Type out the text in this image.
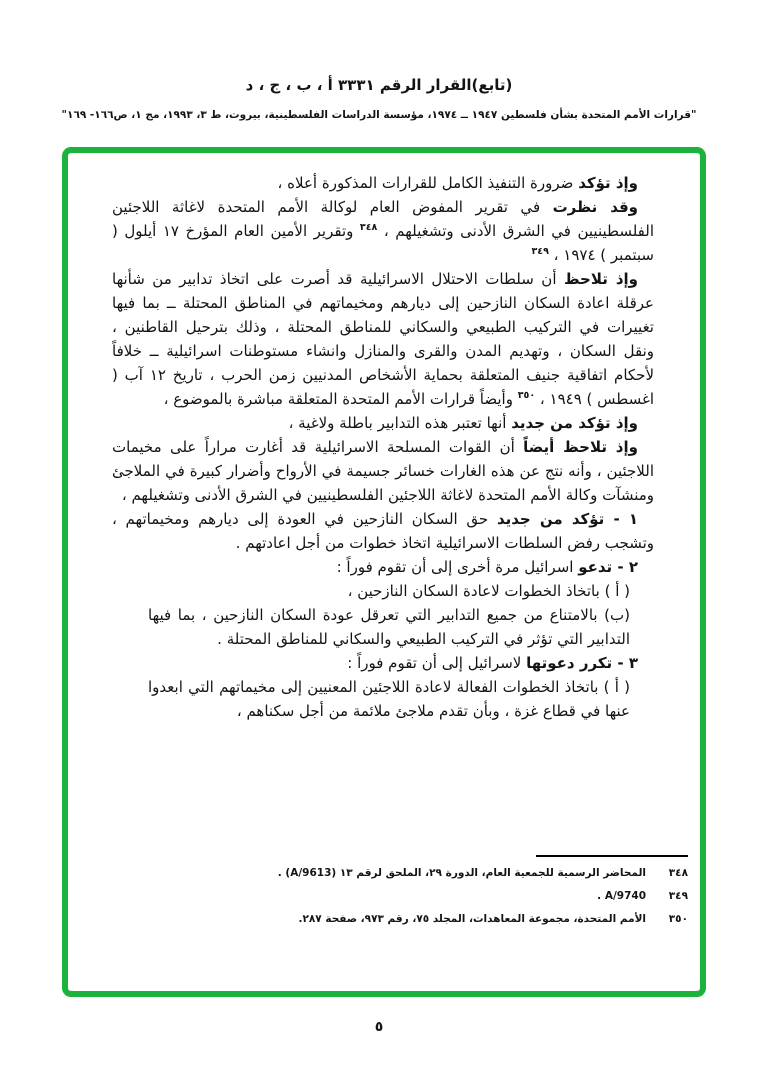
(تابع)القرار الرقم ٣٣٣١ أ ، ب ، ج ، د
"قرارات الأمم المتحدة بشأن فلسطين ١٩٤٧ ــ ١٩٧٤، مؤسسة الدراسات الفلسطينية، بيروت، ط ٣، ١٩٩٣، مج ١، ص١٦٦- ١٦٩"

وإذ تؤكد ضرورة التنفيذ الكامل للقرارات المذكورة أعلاه ،

وقد نظرت في تقرير المفوض العام لوكالة الأمم المتحدة لاغاثة اللاجئين الفلسطينيين في الشرق الأدنى وتشغيلهم ، $^{٣٤٨}$ وتقرير الأمين العام المؤرخ ١٧ أيلول ( سبتمبر ) ١٩٧٤ ، $^{٣٤٩}$

وإذ تلاحظ أن سلطات الاحتلال الاسرائيلية قد أصرت على اتخاذ تدابير من شأنها عرقلة اعادة السكان النازحين إلى ديارهم ومخيماتهم في المناطق المحتلة ــ بما فيها تغييرات في التركيب الطبيعي والسكاني للمناطق المحتلة ، وذلك بترحيل القاطنين ، ونقل السكان ، وتهديم المدن والقرى والمنازل وانشاء مستوطنات اسرائيلية ــ خلافاً لأحكام اتفاقية جنيف المتعلقة بحماية الأشخاص المدنيين زمن الحرب ، تاريخ ١٢ آب ( اغسطس ) ١٩٤٩ ، $^{٣٥٠}$ وأيضاً قرارات الأمم المتحدة المتعلقة مباشرة بالموضوع ،

وإذ تؤكد من جديد أنها تعتبر هذه التدابير باطلة ولاغية ،

وإذ تلاحظ أيضاً أن القوات المسلحة الاسرائيلية قد أغارت مراراً على مخيمات اللاجئين ، وأنه نتج عن هذه الغارات خسائر جسيمة في الأرواح وأضرار كبيرة في الملاجئ ومنشآت وكالة الأمم المتحدة لاغاثة اللاجئين الفلسطينيين في الشرق الأدنى وتشغيلهم ،

١ - تؤكد من جديد حق السكان النازحين في العودة إلى ديارهم ومخيماتهم ، وتشجب رفض السلطات الاسرائيلية اتخاذ خطوات من أجل اعادتهم .

٢ - تدعو اسرائيل مرة أخرى إلى أن تقوم فوراً :

( أ ) باتخاذ الخطوات لاعادة السكان النازحين ،

(ب) بالامتناع من جميع التدابير التي تعرقل عودة السكان النازحين ، بما فيها التدابير التي تؤثر في التركيب الطبيعي والسكاني للمناطق المحتلة .

٣ - تكرر دعوتها لاسرائيل إلى أن تقوم فوراً :

( أ ) باتخاذ الخطوات الفعالة لاعادة اللاجئين المعنيين إلى مخيماتهم التي ابعدوا عنها في قطاع غزة ، وبأن تقدم ملاجئ ملائمة من أجل سكناهم ،

٣٤٨
المحاضر الرسمية للجمعية العام، الدورة ٢٩، الملحق لرقم ١٣ (A/9613) .
٣٤٩
A/9740 .
٣٥٠
الأمم المتحدة، مجموعة المعاهدات، المجلد ٧٥، رقم ٩٧٣، صفحة ٢٨٧.
٥
